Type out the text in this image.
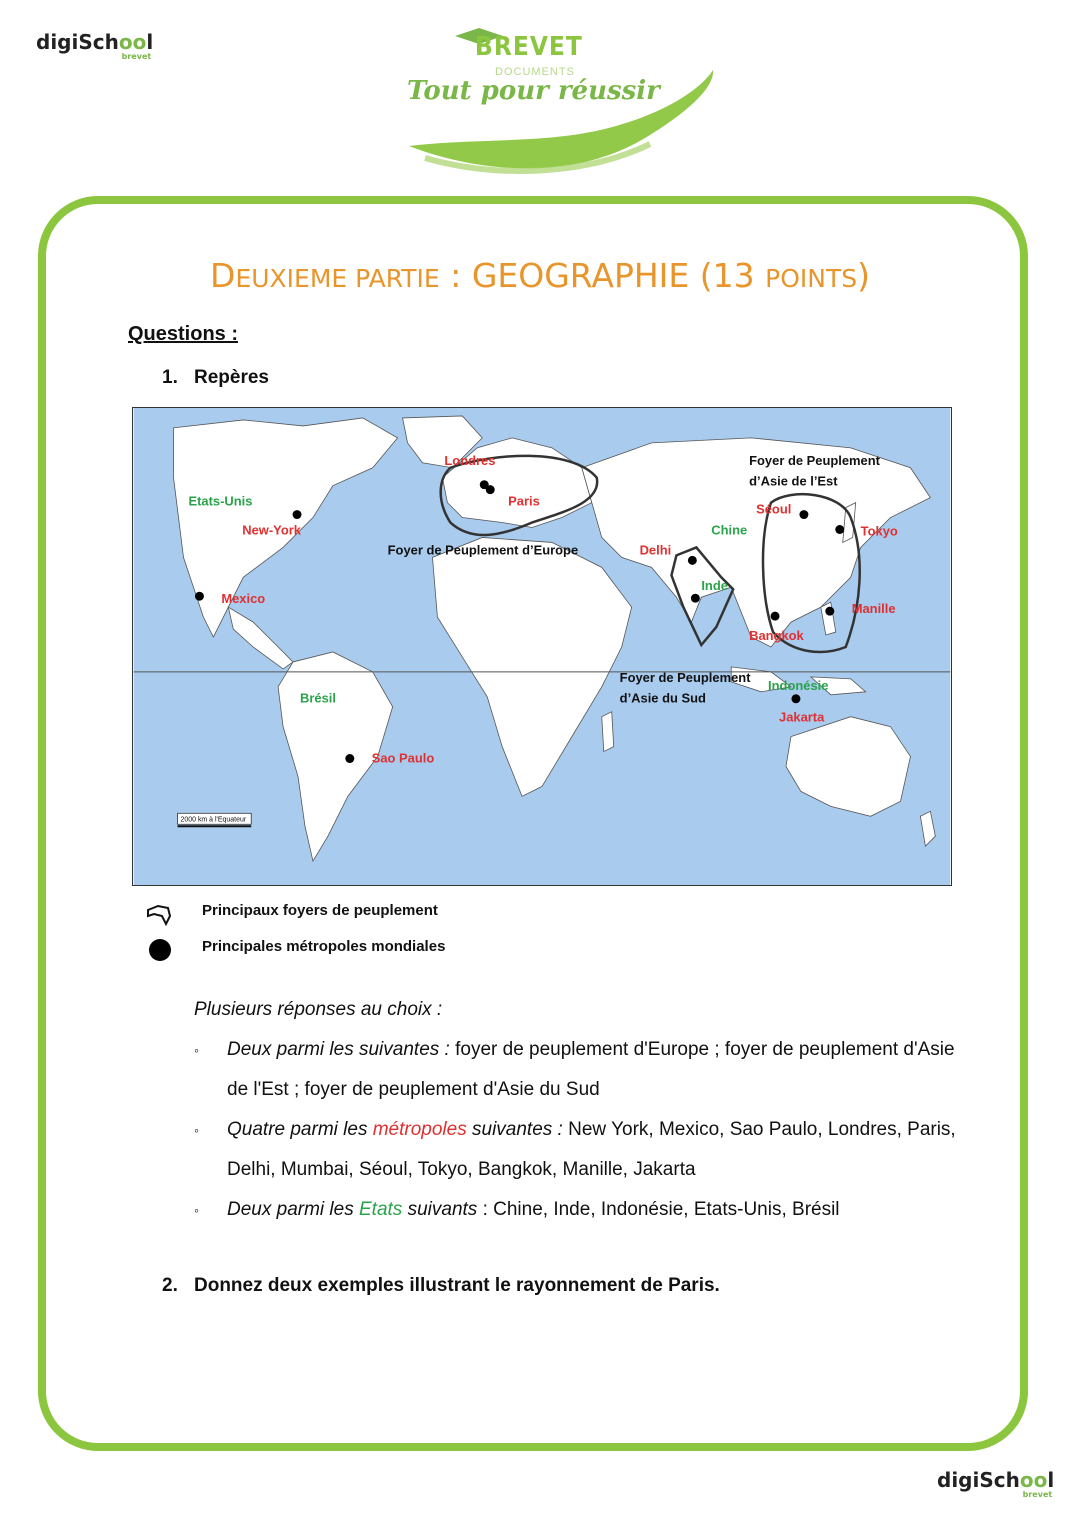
digiSchool
brevet	BREVET
DOCUMENTS
Tout pour réussir
DEUXIEME PARTIE : GEOGRAPHIE (13 POINTS)
Questions :
1. Repères
Etats-Unis
Chine
Inde
Brésil
Indonésie
Londres
Paris
New-York
Mexico
Delhi
Séoul
Tokyo
Manille
Bangkok
Jakarta
Sao Paulo
Foyer de Peuplement d’Europe
Foyer de Peuplement
d’Asie de l’Est
Foyer de Peuplement
d’Asie du Sud
2000 km à l'Equateur
Principaux foyers de peuplement
Principales métropoles mondiales
Plusieurs réponses au choix :
◦ Deux parmi les suivantes : foyer de peuplement d'Europe ; foyer de peuplement d'Asie de l'Est ; foyer de peuplement d'Asie du Sud
◦ Quatre parmi les métropoles suivantes : New York, Mexico, Sao Paulo, Londres, Paris, Delhi, Mumbai, Séoul, Tokyo, Bangkok, Manille, Jakarta
◦ Deux parmi les Etats suivants : Chine, Inde, Indonésie, Etats-Unis, Brésil
2. Donnez deux exemples illustrant le rayonnement de Paris.
digiSchool
brevet
